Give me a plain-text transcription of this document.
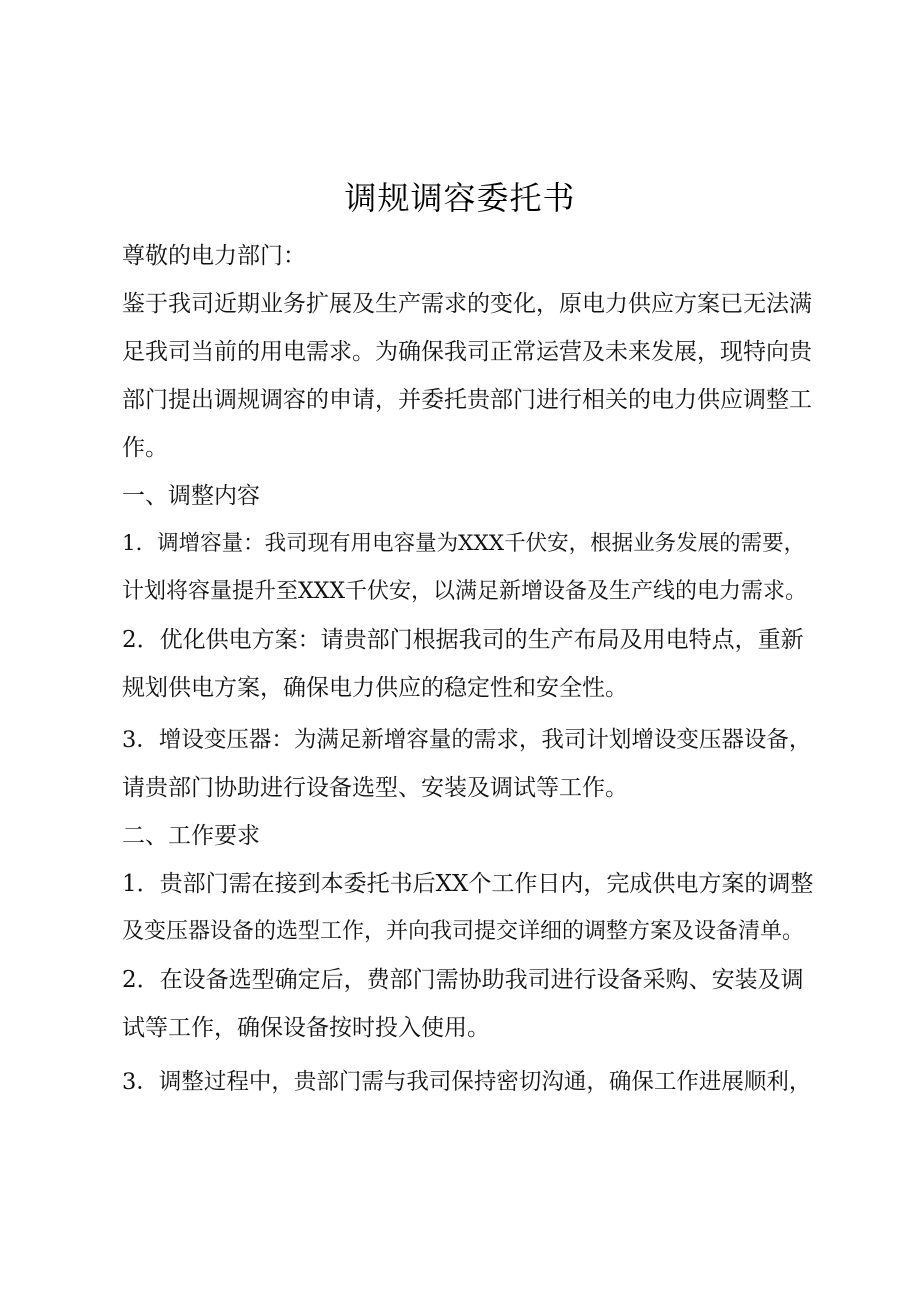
调规调容委托书
尊敬的电力部门：
鉴于我司近期业务扩展及生产需求的变化，原电力供应方案已无法满
足我司当前的用电需求。为确保我司正常运营及未来发展，现特向贵
部门提出调规调容的申请，并委托贵部门进行相关的电力供应调整工
作。
一、调整内容
1．调增容量：我司现有用电容量为XXX千伏安，根据业务发展的需要，
计划将容量提升至XXX千伏安，以满足新增设备及生产线的电力需求。
2．优化供电方案：请贵部门根据我司的生产布局及用电特点，重新
规划供电方案，确保电力供应的稳定性和安全性。
3．增设变压器：为满足新增容量的需求，我司计划增设变压器设备，
请贵部门协助进行设备选型、安装及调试等工作。
二、工作要求
1．贵部门需在接到本委托书后XX个工作日内，完成供电方案的调整
及变压器设备的选型工作，并向我司提交详细的调整方案及设备清单。
2．在设备选型确定后，费部门需协助我司进行设备采购、安装及调
试等工作，确保设备按时投入使用。
3．调整过程中，贵部门需与我司保持密切沟通，确保工作进展顺利，
